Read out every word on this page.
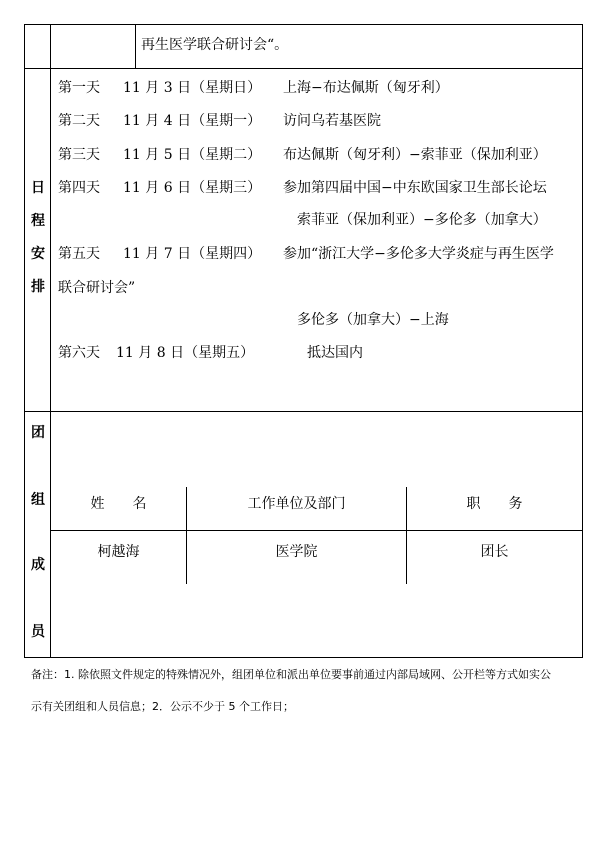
再生医学联合研讨会“。
日
程
安
排
第一天 11 月 3 日（星期日） 上海−布达佩斯（匈牙利）
第二天 11 月 4 日（星期一） 访问乌若基医院
第三天 11 月 5 日（星期二） 布达佩斯（匈牙利）−索菲亚（保加利亚）
第四天 11 月 6 日（星期三） 参加第四届中国−中东欧国家卫生部长论坛
索菲亚（保加利亚）−多伦多（加拿大）
第五天 11 月 7 日（星期四） 参加“浙江大学−多伦多大学炎症与再生医学
联合研讨会”
多伦多（加拿大）−上海
第六天 11 月 8 日（星期五）	抵达国内
团
组
成
员
姓　　名	工作单位及部门	职　　务
柯越海	医学院	团长
备注：1. 除依照文件规定的特殊情况外，组团单位和派出单位要事前通过内部局域网、公开栏等方式如实公
示有关团组和人员信息；2．公示不少于 5 个工作日；
